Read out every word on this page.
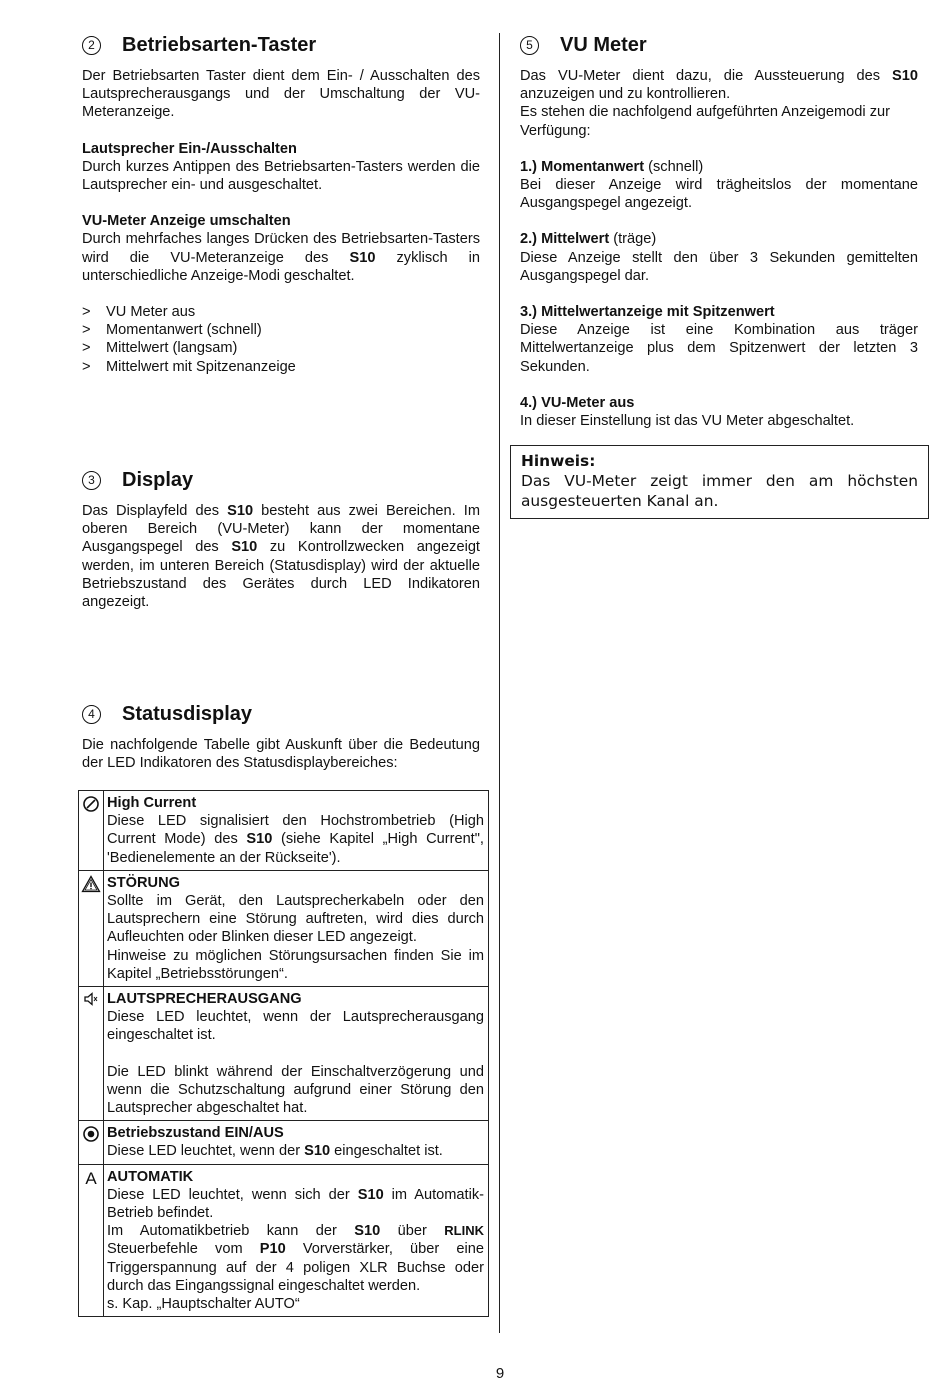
2	Betriebsarten-Taster

Der Betriebsarten Taster dient dem Ein- / Ausschalten des Lautsprecherausgangs und der Umschaltung der VU-Meteranzeige.

Lautsprecher Ein-/Ausschalten

Durch kurzes Antippen des Betriebsarten-Tasters werden die Lautsprecher ein- und ausgeschaltet.

VU-Meter Anzeige umschalten

Durch mehrfaches langes Drücken des Betriebsarten-Tasters wird die VU-Meteranzeige des S10 zyklisch in unterschiedliche Anzeige-Modi geschaltet.

> VU Meter aus
> Momentanwert (schnell)
> Mittelwert (langsam)
> Mittelwert mit Spitzenanzeige
3	Display

Das Displayfeld des S10 besteht aus zwei Bereichen. Im oberen Bereich (VU-Meter) kann der momentane Ausgangspegel des S10 zu Kontrollzwecken angezeigt werden, im unteren Bereich (Statusdisplay) wird der aktuelle Betriebszustand des Gerätes durch LED Indikatoren angezeigt.

4	Statusdisplay

Die nachfolgende Tabelle gibt Auskunft über die Bedeutung der LED Indikatoren des Statusdisplaybereiches:

High Current
Diese LED signalisiert den Hochstrombetrieb (High Current Mode) des S10 (siehe Kapitel „High Current", 'Bedienelemente an der Rückseite').

STÖRUNG
Sollte im Gerät, den Lautsprecherkabeln oder den Lautsprechern eine Störung auftreten, wird dies durch Aufleuchten oder Blinken dieser LED angezeigt.
Hinweise zu möglichen Störungsursachen finden Sie im Kapitel „Betriebsstörungen“.

LAUTSPRECHERAUSGANG
Diese LED leuchtet, wenn der Lautsprecherausgang eingeschaltet ist.
Die LED blinkt während der Einschaltverzögerung und wenn die Schutzschaltung aufgrund einer Störung den Lautsprecher abgeschaltet hat.

Betriebszustand EIN/AUS
Diese LED leuchtet, wenn der S10 eingeschaltet ist.

A	AUTOMATIK
Diese LED leuchtet, wenn sich der S10 im Automatik-Betrieb befindet.
Im Automatikbetrieb kann der S10 über RLINK Steuerbefehle vom P10 Vorverstärker, über eine Triggerspannung auf der 4 poligen XLR Buchse oder durch das Eingangssignal eingeschaltet werden.
s. Kap. „Hauptschalter AUTO“
5	VU Meter

Das VU-Meter dient dazu, die Aussteuerung des S10 anzuzeigen und zu kontrollieren.

Es stehen die nachfolgend aufgeführten Anzeigemodi zur Verfügung:

1.) Momentanwert (schnell)

Bei dieser Anzeige wird trägheitslos der momentane Ausgangspegel angezeigt.

2.) Mittelwert (träge)

Diese Anzeige stellt den über 3 Sekunden gemittelten Ausgangspegel dar.

3.) Mittelwertanzeige mit Spitzenwert

Diese Anzeige ist eine Kombination aus träger Mittelwertanzeige plus dem Spitzenwert der letzten 3 Sekunden.

4.) VU-Meter aus

In dieser Einstellung ist das VU Meter abgeschaltet.

Hinweis:
Das VU-Meter zeigt immer den am höchsten ausgesteuerten Kanal an.
9
